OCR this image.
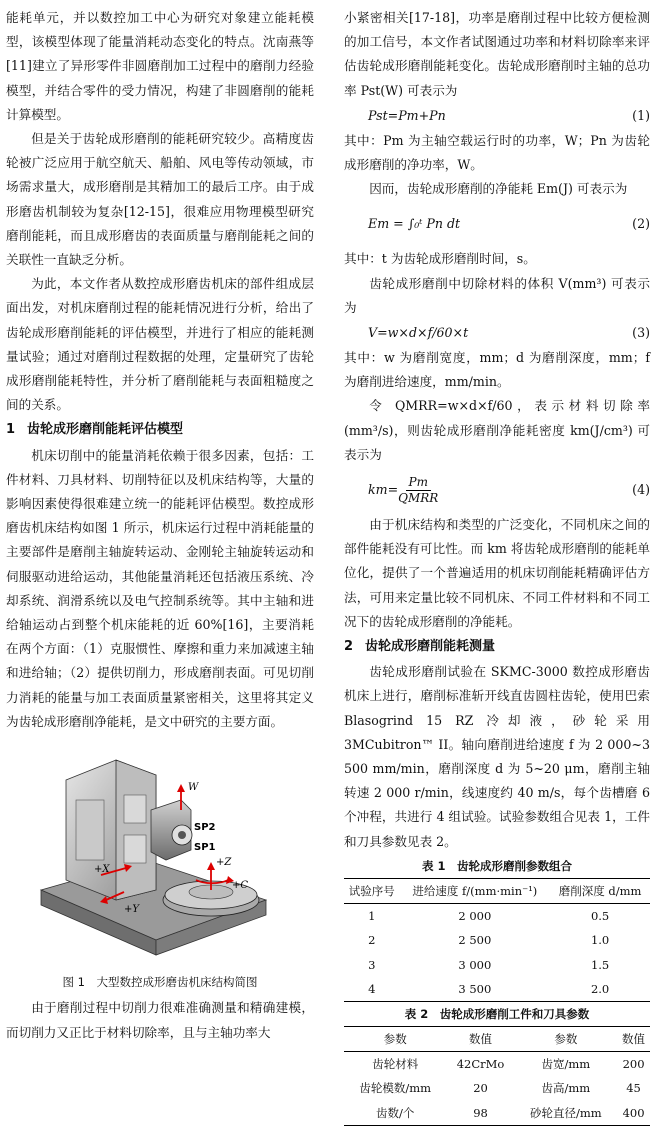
能耗单元，并以数控加工中心为研究对象建立能耗模型，该模型体现了能量消耗动态变化的特点。沈南燕等[11]建立了异形零件非圆磨削加工过程中的磨削力经验模型，并结合零件的受力情况，构建了非圆磨削的能耗计算模型。

但是关于齿轮成形磨削的能耗研究较少。高精度齿轮被广泛应用于航空航天、船舶、风电等传动领域，市场需求量大，成形磨削是其精加工的最后工序。由于成形磨齿机制较为复杂[12-15]，很难应用物理模型研究磨削能耗，而且成形磨齿的表面质量与磨削能耗之间的关联性一直缺乏分析。

为此，本文作者从数控成形磨齿机床的部件组成层面出发，对机床磨削过程的能耗情况进行分析，给出了齿轮成形磨削能耗的评估模型，并进行了相应的能耗测量试验；通过对磨削过程数据的处理，定量研究了齿轮成形磨削能耗特性，并分析了磨削能耗与表面粗糙度之间的关系。

1 齿轮成形磨削能耗评估模型

机床切削中的能量消耗依赖于很多因素，包括：工件材料、刀具材料、切削特征以及机床结构等，大量的影响因素使得很难建立统一的能耗评估模型。数控成形磨齿机床结构如图 1 所示，机床运行过程中消耗能量的主要部件是磨削主轴旋转运动、金刚轮主轴旋转运动和伺服驱动进给运动，其他能量消耗还包括液压系统、冷却系统、润滑系统以及电气控制系统等。其中主轴和进给轴运动占到整个机床能耗的近 60%[16]，主要消耗在两个方面：（1）克服惯性、摩擦和重力来加减速主轴和进给轴；（2）提供切削力，形成磨削表面。可见切削力消耗的能量与加工表面质量紧密相关，这里将其定义为齿轮成形磨削净能耗，是文中研究的主要方面。

W
SP2
SP1
+X
+Y
+Z
+C

图 1　大型数控成形磨齿机床结构简图

由于磨削过程中切削力很难准确测量和精确建模，而切削力又正比于材料切除率，且与主轴功率大

小紧密相关[17-18]，功率是磨削过程中比较方便检测的加工信号，本文作者试图通过功率和材料切除率来评估齿轮成形磨削能耗变化。齿轮成形磨削时主轴的总功率 Pst(W) 可表示为

Pst=Pm+Pn	(1)

其中：Pm 为主轴空载运行时的功率，W；Pn 为齿轮成形磨削的净功率，W。

因而，齿轮成形磨削的净能耗 Em(J) 可表示为

Em = ∫₀ᵗ Pn dt	(2)

其中：t 为齿轮成形磨削时间，s。

齿轮成形磨削中切除材料的体积 V(mm³) 可表示为

V=w×d×f/60×t	(3)

其中：w 为磨削宽度，mm；d 为磨削深度，mm；f 为磨削进给速度，mm/min。

令 QMRR=w×d×f/60，表示材料切除率(mm³/s)，则齿轮成形磨削净能耗密度 km(J/cm³) 可表示为

$km= \frac{Pm}{\text{QMRR}}$	(4)

由于机床结构和类型的广泛变化，不同机床之间的部件能耗没有可比性。而 km 将齿轮成形磨削的能耗单位化，提供了一个普遍适用的机床切削能耗精确评估方法，可用来定量比较不同机床、不同工件材料和不同工况下的齿轮成形磨削的净能耗。

2 齿轮成形磨削能耗测量

齿轮成形磨削试验在 SKMC-3000 数控成形磨齿机床上进行，磨削标准斩开线直齿圆柱齿轮，使用巴索 Blasogrind 15 RZ 冷却液，砂轮采用 3MCubitron™ II。轴向磨削进给速度 f 为 2 000~3 500 mm/min，磨削深度 d 为 5~20 μm，磨削主轴转速 2 000 r/min，线速度约 40 m/s，每个齿槽磨 6 个冲程，共进行 4 组试验。试验参数组合见表 1，工件和刀具参数见表 2。

表 1　齿轮成形磨削参数组合

试验序号	进给速度 f/(mm·min⁻¹)	磨削深度 d/mm
1	2 000	0.5
2	2 500	1.0
3	3 000	1.5
4	3 500	2.0

表 2　齿轮成形磨削工件和刀具参数

参数	数值	参数	数值
齿轮材料	42CrMo	齿宽/mm	200
齿轮模数/mm	20	齿高/mm	45
齿数/个	98	砂轮直径/mm	400
